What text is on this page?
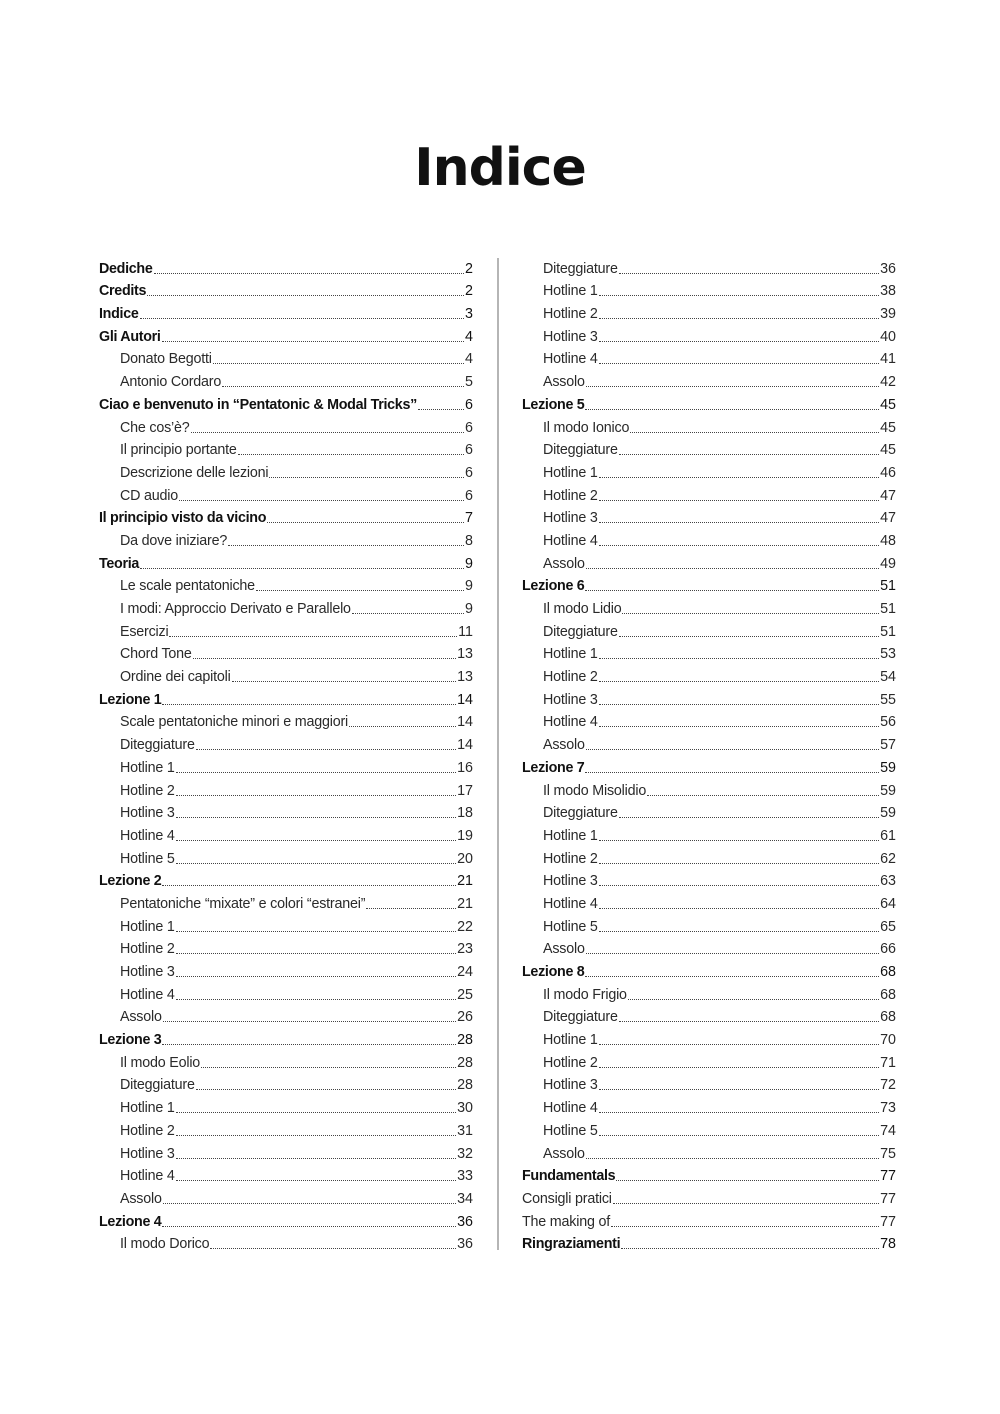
Indice
Dediche	2
Credits	2
Indice	3
Gli Autori	4
Donato Begotti	4
Antonio Cordaro	5
Ciao e benvenuto in “Pentatonic & Modal Tricks”	6
Che cos’è?	6
Il principio portante	6
Descrizione delle lezioni	6
CD audio	6
Il principio visto da vicino	7
Da dove iniziare?	8
Teoria	9
Le scale pentatoniche	9
I modi: Approccio Derivato e Parallelo	9
Esercizi	11
Chord Tone	13
Ordine dei capitoli	13
Lezione 1	14
Scale pentatoniche minori e maggiori	14
Diteggiature	14
Hotline 1	16
Hotline 2	17
Hotline 3	18
Hotline 4	19
Hotline 5	20
Lezione 2	21
Pentatoniche “mixate” e colori “estranei”	21
Hotline 1	22
Hotline 2	23
Hotline 3	24
Hotline 4	25
Assolo	26
Lezione 3	28
Il modo Eolio	28
Diteggiature	28
Hotline 1	30
Hotline 2	31
Hotline 3	32
Hotline 4	33
Assolo	34
Lezione 4	36
Il modo Dorico	36
Diteggiature	36
Hotline 1	38
Hotline 2	39
Hotline 3	40
Hotline 4	41
Assolo	42
Lezione 5	45
Il modo Ionico	45
Diteggiature	45
Hotline 1	46
Hotline 2	47
Hotline 3	47
Hotline 4	48
Assolo	49
Lezione 6	51
Il modo Lidio	51
Diteggiature	51
Hotline 1	53
Hotline 2	54
Hotline 3	55
Hotline 4	56
Assolo	57
Lezione 7	59
Il modo Misolidio	59
Diteggiature	59
Hotline 1	61
Hotline 2	62
Hotline 3	63
Hotline 4	64
Hotline 5	65
Assolo	66
Lezione 8	68
Il modo Frigio	68
Diteggiature	68
Hotline 1	70
Hotline 2	71
Hotline 3	72
Hotline 4	73
Hotline 5	74
Assolo	75
Fundamentals	77
Consigli pratici	77
The making of	77
Ringraziamenti	78
